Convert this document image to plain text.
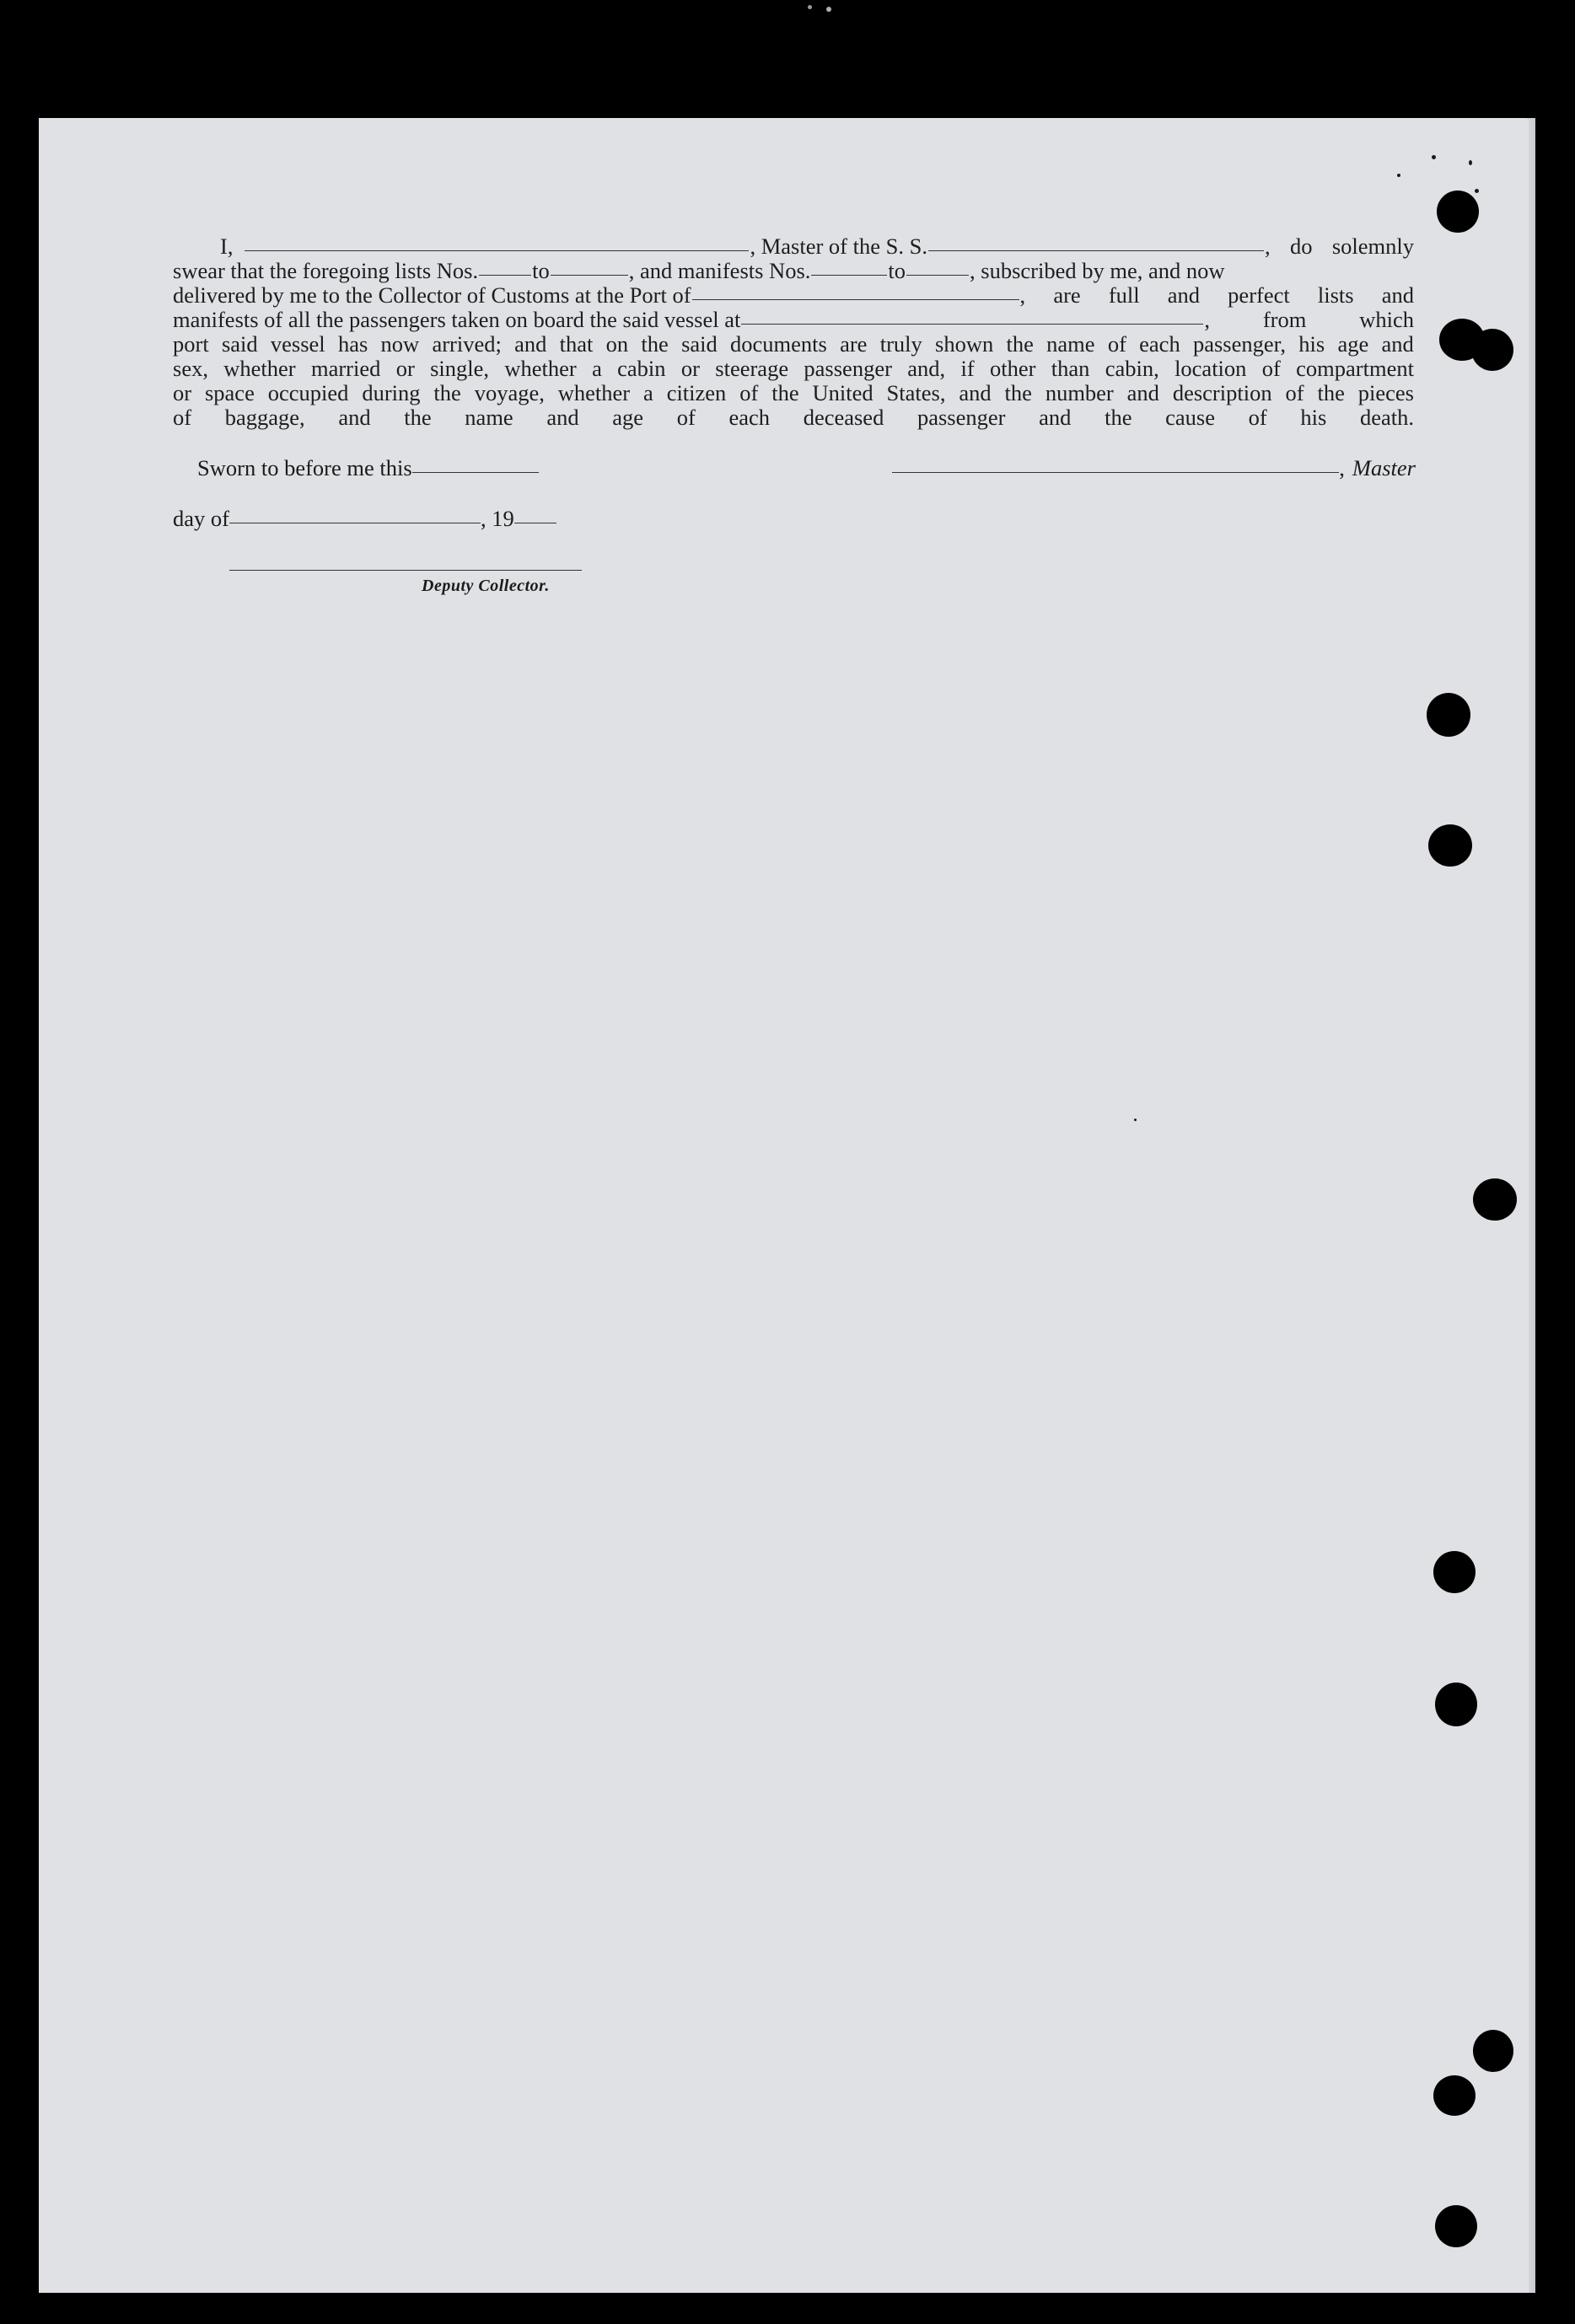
I,	, Master of the S. S.	, do solemnly
swear that the foregoing lists Nos. to	, and manifests Nos.	to	, subscribed by me, and now
delivered by me to the Collector of Customs at the Port of	, are full and perfect lists and
manifests of all the passengers taken on board the said vessel at	, from which
port said vessel has now arrived; and that on the said documents are truly shown the name of each passenger, his age and
sex, whether married or single, whether a cabin or steerage passenger and, if other than cabin, location of compartment
or space occupied during the voyage, whether a citizen of the United States, and the number and description of the pieces
of baggage, and the name and age of each deceased passenger and the cause of his death.
Sworn to before me this	, Master
day of	, 19
Deputy Collector.
